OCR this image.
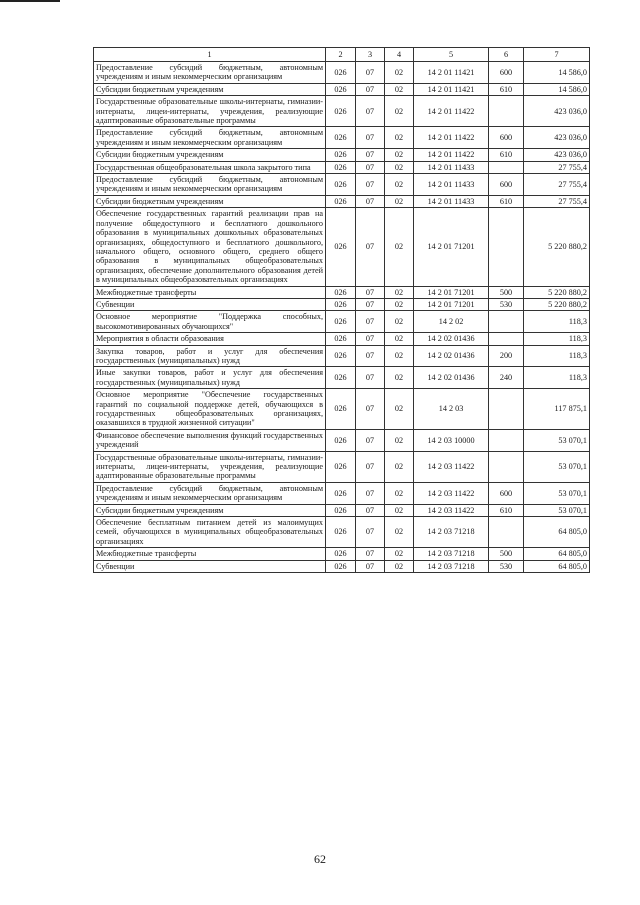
1	2	3	4	5	6	7
Предоставление субсидий бюджетным, автономным учреждениям и иным некоммерческим организациям	026	07	02	14 2 01 11421	600	14 586,0
Субсидии бюджетным учреждениям	026	07	02	14 2 01 11421	610	14 586,0
Государственные образовательные школы-интернаты, гимназии-интернаты, лицеи-интернаты, учреждения, реализующие адаптированные образовательные программы	026	07	02	14 2 01 11422		423 036,0
Предоставление субсидий бюджетным, автономным учреждениям и иным некоммерческим организациям	026	07	02	14 2 01 11422	600	423 036,0
Субсидии бюджетным учреждениям	026	07	02	14 2 01 11422	610	423 036,0
Государственная общеобразовательная школа закрытого типа	026	07	02	14 2 01 11433		27 755,4
Предоставление субсидий бюджетным, автономным учреждениям и иным некоммерческим организациям	026	07	02	14 2 01 11433	600	27 755,4
Субсидии бюджетным учреждениям	026	07	02	14 2 01 11433	610	27 755,4
Обеспечение государственных гарантий реализации прав на получение общедоступного и бесплатного дошкольного образования в муниципальных дошкольных образовательных организациях, общедоступного и бесплатного дошкольного, начального общего, основного общего, среднего общего образования в муниципальных общеобразовательных организациях, обеспечение дополнительного образования детей в муниципальных общеобразовательных организациях	026	07	02	14 2 01 71201		5 220 880,2
Межбюджетные трансферты	026	07	02	14 2 01 71201	500	5 220 880,2
Субвенции	026	07	02	14 2 01 71201	530	5 220 880,2
Основное мероприятие "Поддержка способных, высокомотивированных обучающихся"	026	07	02	14 2 02		118,3
Мероприятия в области образования	026	07	02	14 2 02 01436		118,3
Закупка товаров, работ и услуг для обеспечения государственных (муниципальных) нужд	026	07	02	14 2 02 01436	200	118,3
Иные закупки товаров, работ и услуг для обеспечения государственных (муниципальных) нужд	026	07	02	14 2 02 01436	240	118,3
Основное мероприятие "Обеспечение государственных гарантий по социальной поддержке детей, обучающихся в государственных общеобразовательных организациях, оказавшихся в трудной жизненной ситуации"	026	07	02	14 2 03		117 875,1
Финансовое обеспечение выполнения функций государственных учреждений	026	07	02	14 2 03 10000		53 070,1
Государственные образовательные школы-интернаты, гимназии-интернаты, лицеи-интернаты, учреждения, реализующие адаптированные образовательные программы	026	07	02	14 2 03 11422		53 070,1
Предоставление субсидий бюджетным, автономным учреждениям и иным некоммерческим организациям	026	07	02	14 2 03 11422	600	53 070,1
Субсидии бюджетным учреждениям	026	07	02	14 2 03 11422	610	53 070,1
Обеспечение бесплатным питанием детей из малоимущих семей, обучающихся в муниципальных общеобразовательных организациях	026	07	02	14 2 03 71218		64 805,0
Межбюджетные трансферты	026	07	02	14 2 03 71218	500	64 805,0
Субвенции	026	07	02	14 2 03 71218	530	64 805,0
62
